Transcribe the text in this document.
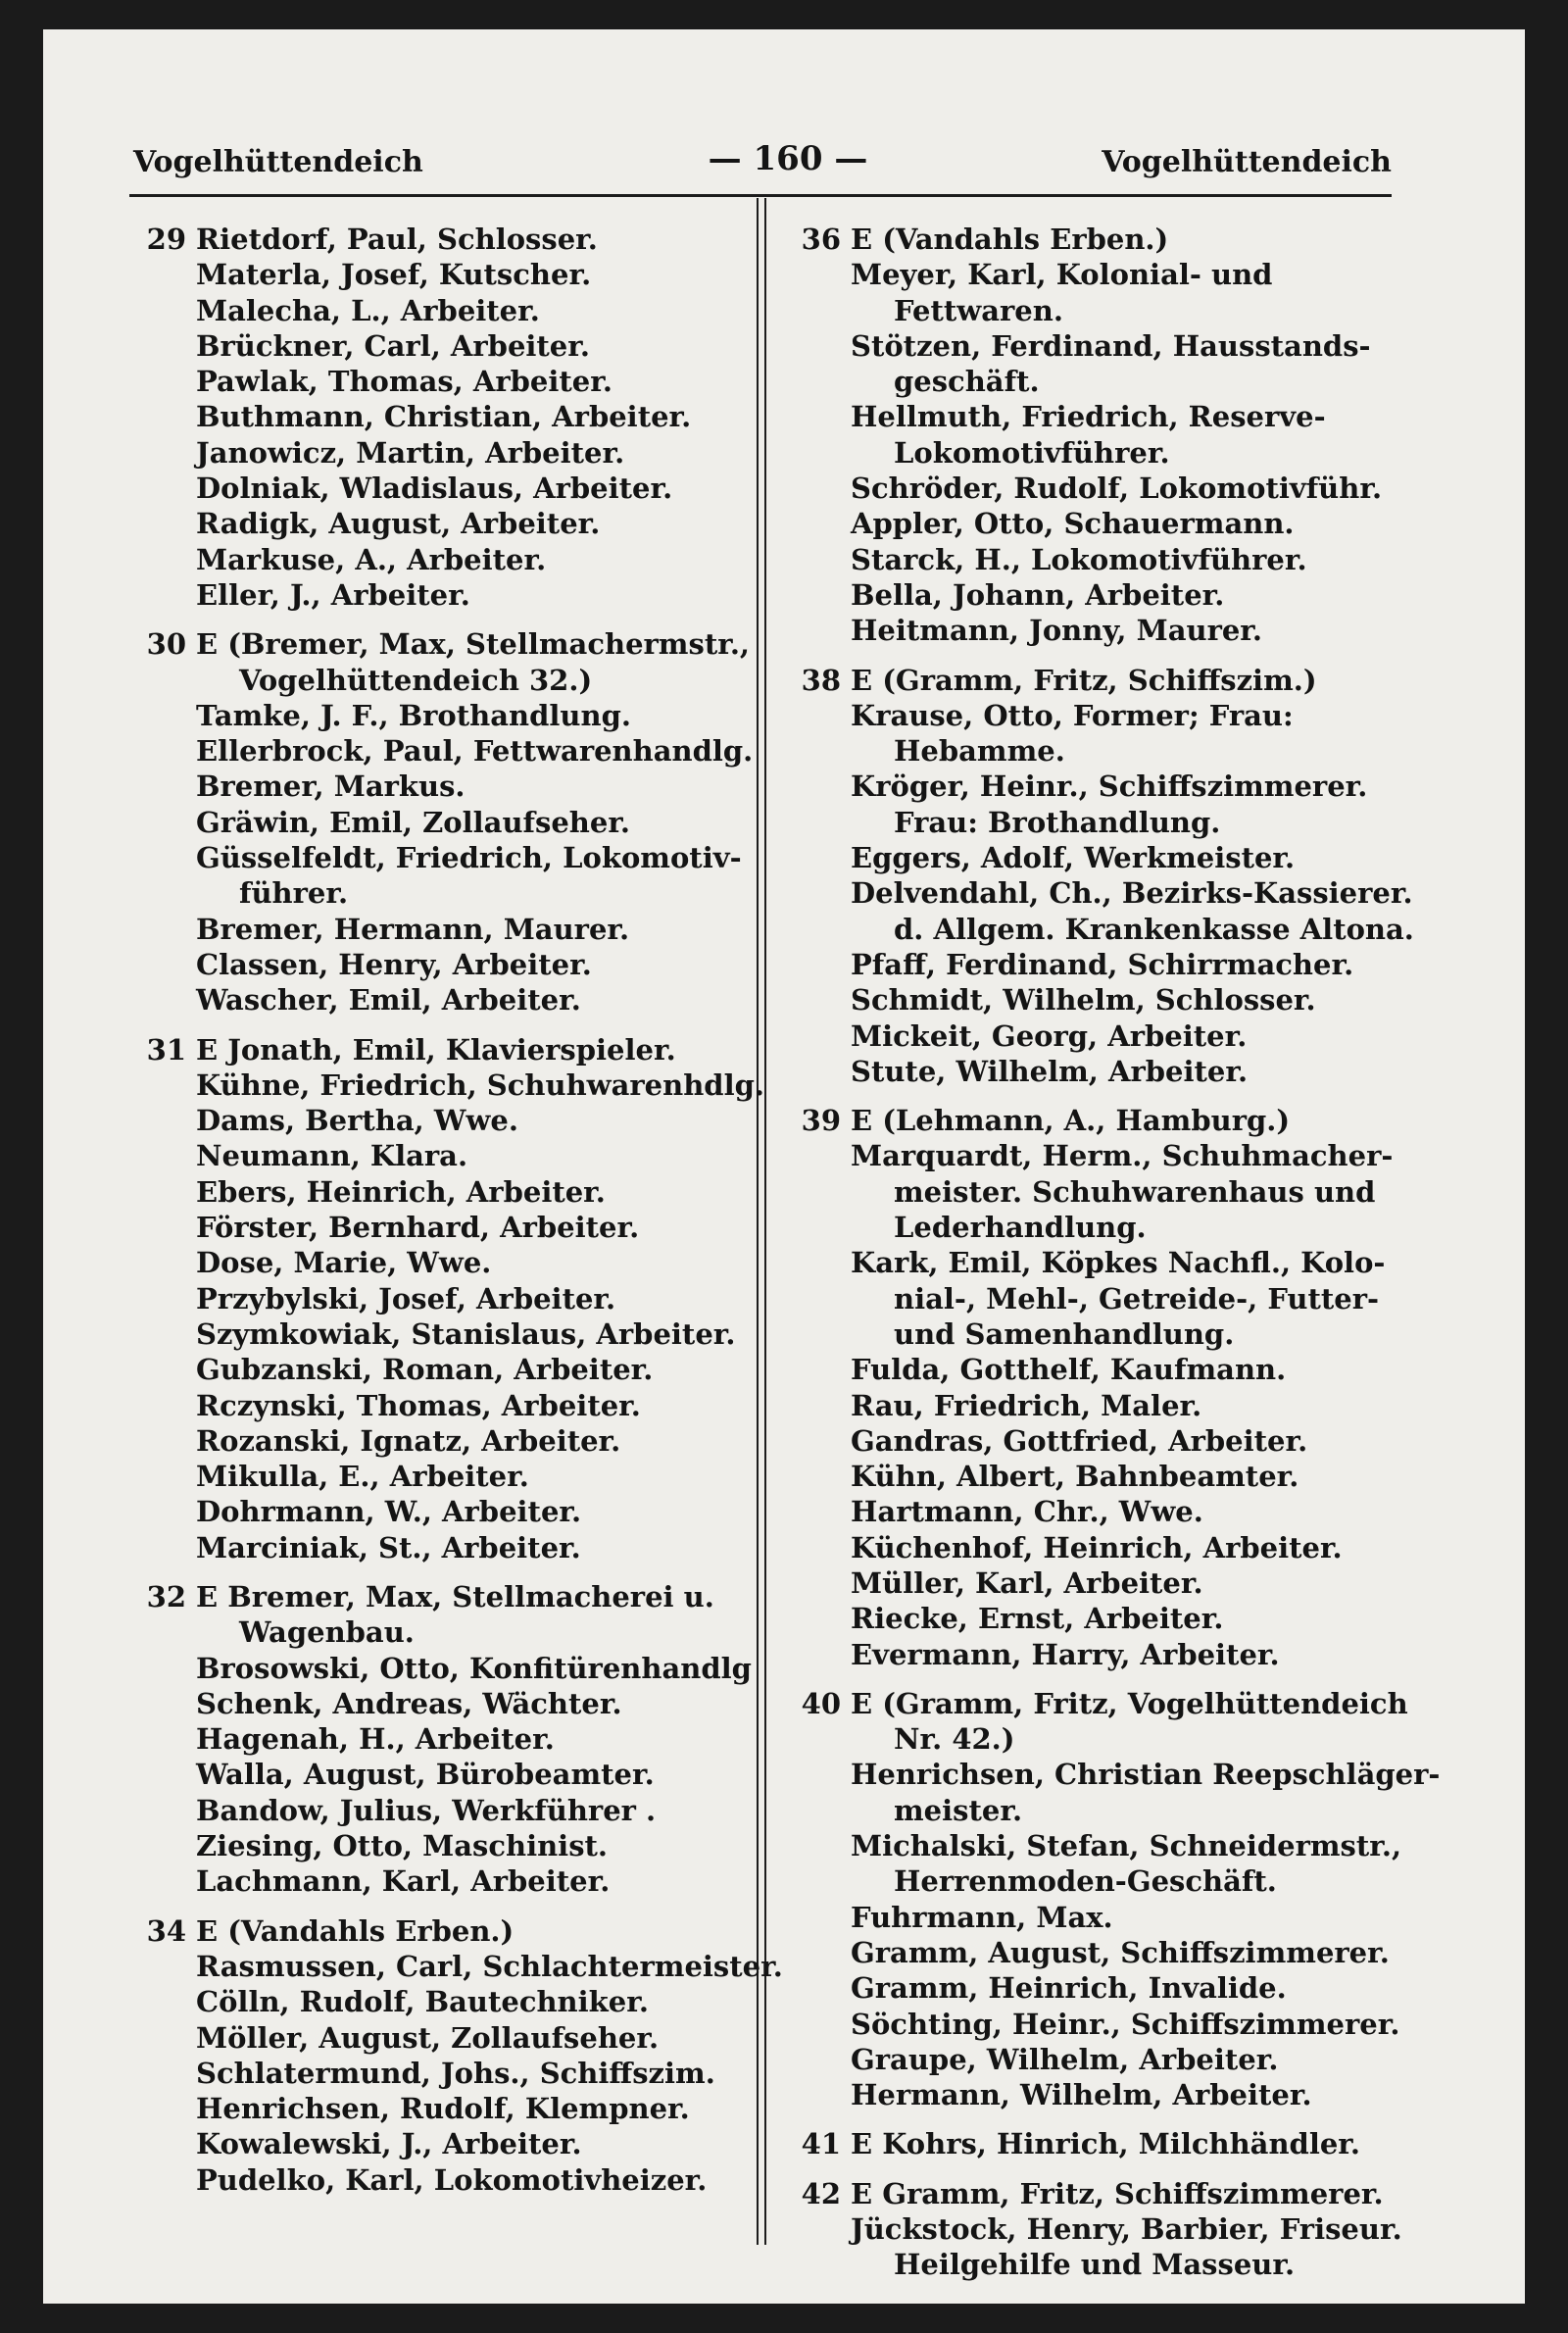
Vogelhüttendeich	— 160 —	Vogelhüttendeich
29 Rietdorf, Paul, Schlosser.
Materla, Josef, Kutscher.
Malecha, L., Arbeiter.
Brückner, Carl, Arbeiter.
Pawlak, Thomas, Arbeiter.
Buthmann, Christian, Arbeiter.
Janowicz, Martin, Arbeiter.
Dolniak, Wladislaus, Arbeiter.
Radigk, August, Arbeiter.
Markuse, A., Arbeiter.
Eller, J., Arbeiter.
30 E (Bremer, Max, Stellmachermstr.,
Vogelhüttendeich 32.)
Tamke, J. F., Brothandlung.
Ellerbrock, Paul, Fettwarenhandlg.
Bremer, Markus.
Gräwin, Emil, Zollaufseher.
Güsselfeldt, Friedrich, Lokomotiv-
führer.
Bremer, Hermann, Maurer.
Classen, Henry, Arbeiter.
Wascher, Emil, Arbeiter.
31 E Jonath, Emil, Klavierspieler.
Kühne, Friedrich, Schuhwarenhdlg.
Dams, Bertha, Wwe.
Neumann, Klara.
Ebers, Heinrich, Arbeiter.
Förster, Bernhard, Arbeiter.
Dose, Marie, Wwe.
Przybylski, Josef, Arbeiter.
Szymkowiak, Stanislaus, Arbeiter.
Gubzanski, Roman, Arbeiter.
Rczynski, Thomas, Arbeiter.
Rozanski, Ignatz, Arbeiter.
Mikulla, E., Arbeiter.
Dohrmann, W., Arbeiter.
Marciniak, St., Arbeiter.
32 E Bremer, Max, Stellmacherei u.
Wagenbau.
Brosowski, Otto, Konfitürenhandlg
Schenk, Andreas, Wächter.
Hagenah, H., Arbeiter.
Walla, August, Bürobeamter.
Bandow, Julius, Werkführer .
Ziesing, Otto, Maschinist.
Lachmann, Karl, Arbeiter.
34 E (Vandahls Erben.)
Rasmussen, Carl, Schlachtermeister.
Cölln, Rudolf, Bautechniker.
Möller, August, Zollaufseher.
Schlatermund, Johs., Schiffszim.
Henrichsen, Rudolf, Klempner.
Kowalewski, J., Arbeiter.
Pudelko, Karl, Lokomotivheizer.
36 E (Vandahls Erben.)
Meyer, Karl, Kolonial- und
Fettwaren.
Stötzen, Ferdinand, Hausstands-
geschäft.
Hellmuth, Friedrich, Reserve-
Lokomotivführer.
Schröder, Rudolf, Lokomotivführ.
Appler, Otto, Schauermann.
Starck, H., Lokomotivführer.
Bella, Johann, Arbeiter.
Heitmann, Jonny, Maurer.
38 E (Gramm, Fritz, Schiffszim.)
Krause, Otto, Former; Frau:
Hebamme.
Kröger, Heinr., Schiffszimmerer.
Frau: Brothandlung.
Eggers, Adolf, Werkmeister.
Delvendahl, Ch., Bezirks-Kassierer.
d. Allgem. Krankenkasse Altona.
Pfaff, Ferdinand, Schirrmacher.
Schmidt, Wilhelm, Schlosser.
Mickeit, Georg, Arbeiter.
Stute, Wilhelm, Arbeiter.
39 E (Lehmann, A., Hamburg.)
Marquardt, Herm., Schuhmacher-
meister. Schuhwarenhaus und
Lederhandlung.
Kark, Emil, Köpkes Nachfl., Kolo-
nial-, Mehl-, Getreide-, Futter-
und Samenhandlung.
Fulda, Gotthelf, Kaufmann.
Rau, Friedrich, Maler.
Gandras, Gottfried, Arbeiter.
Kühn, Albert, Bahnbeamter.
Hartmann, Chr., Wwe.
Küchenhof, Heinrich, Arbeiter.
Müller, Karl, Arbeiter.
Riecke, Ernst, Arbeiter.
Evermann, Harry, Arbeiter.
40 E (Gramm, Fritz, Vogelhüttendeich
Nr. 42.)
Henrichsen, Christian Reepschläger-
meister.
Michalski, Stefan, Schneidermstr.,
Herrenmoden-Geschäft.
Fuhrmann, Max.
Gramm, August, Schiffszimmerer.
Gramm, Heinrich, Invalide.
Söchting, Heinr., Schiffszimmerer.
Graupe, Wilhelm, Arbeiter.
Hermann, Wilhelm, Arbeiter.
41 E Kohrs, Hinrich, Milchhändler.
42 E Gramm, Fritz, Schiffszimmerer.
Jückstock, Henry, Barbier, Friseur.
Heilgehilfe und Masseur.
